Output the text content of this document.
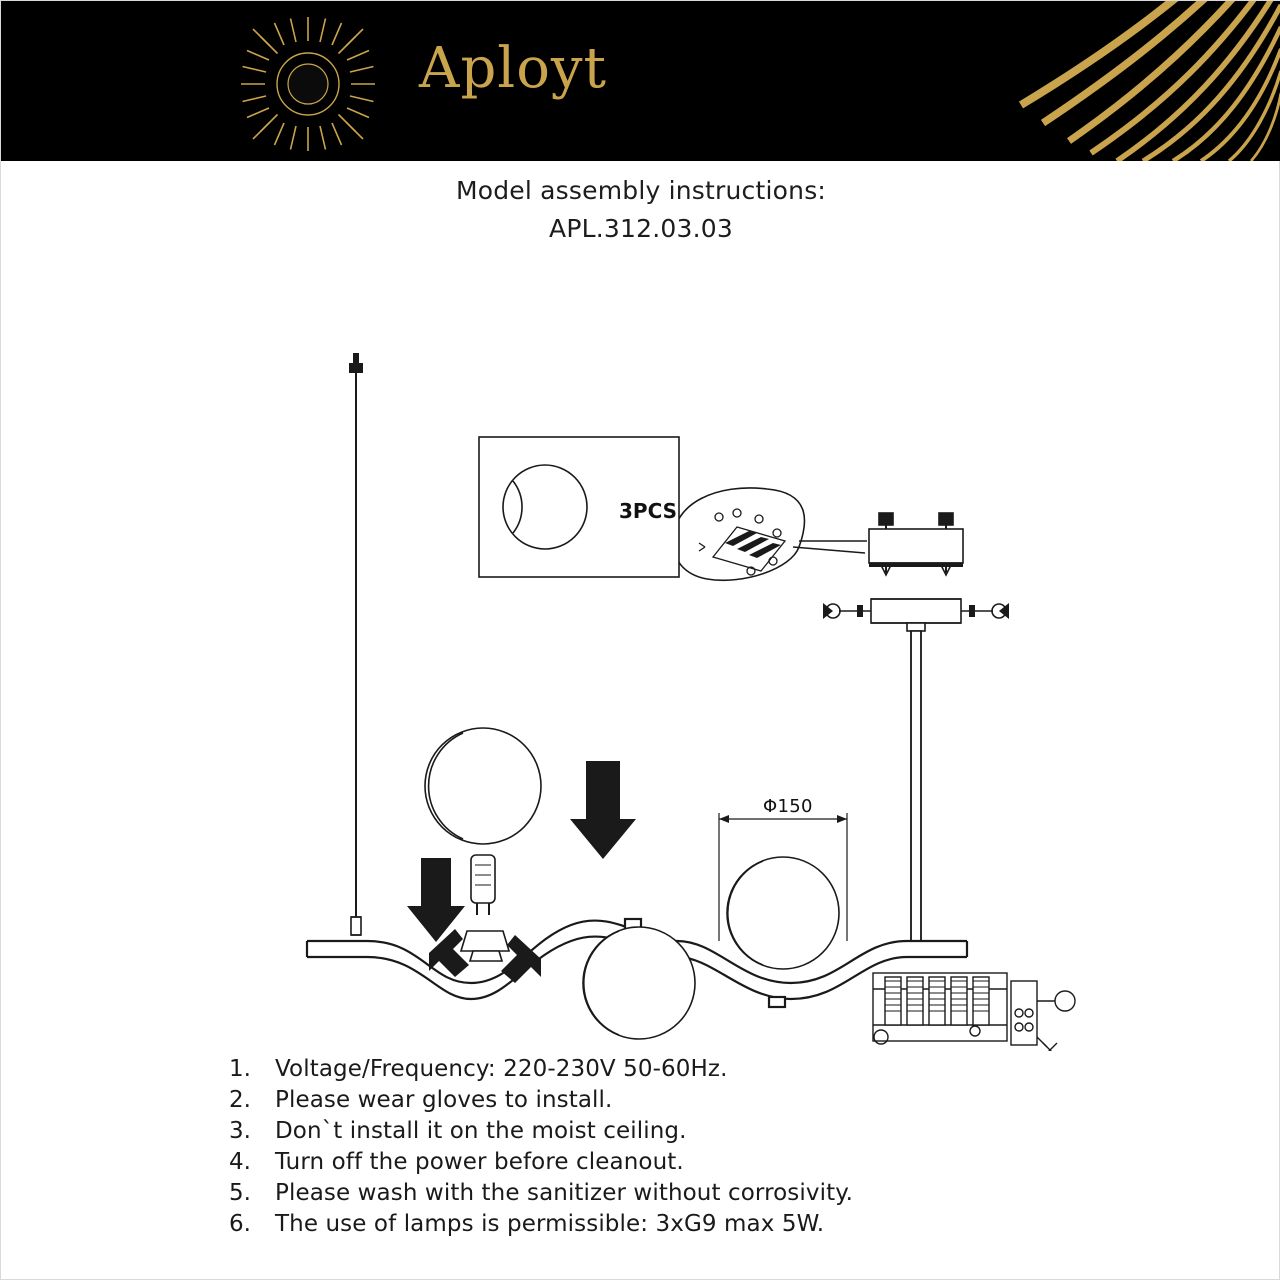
Aployt
Model assembly instructions:
APL.312.03.03
3PCS
Φ150
1.	Voltage/Frequency: 220-230V 50-60Hz.
2.	Please wear gloves to install.
3.	Don`t install it on the moist ceiling.
4.	Turn off the power before cleanout.
5.	Please wash with the sanitizer without corrosivity.
6.	The use of lamps is permissible: 3xG9 max 5W.
